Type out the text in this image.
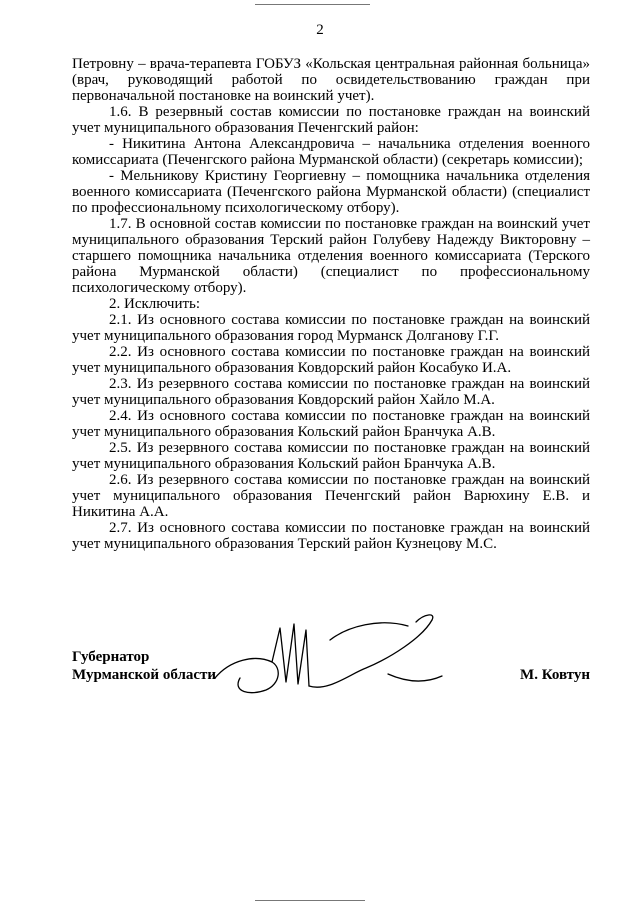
2

Петровну – врача-терапевта ГОБУЗ «Кольская центральная районная больница» (врач, руководящий работой по освидетельствованию граждан при первоначальной постановке на воинский учет).

1.6. В резервный состав комиссии по постановке граждан на воинский учет муниципального образования Печенгский район:

- Никитина Антона Александровича – начальника отделения военного комиссариата (Печенгского района Мурманской области) (секретарь комиссии);

- Мельникову Кристину Георгиевну – помощника начальника отделения военного комиссариата (Печенгского района Мурманской области) (специалист по профессиональному психологическому отбору).

1.7. В основной состав комиссии по постановке граждан на воинский учет муниципального образования Терский район Голубеву Надежду Викторовну – старшего помощника начальника отделения военного комиссариата (Терского района Мурманской области) (специалист по профессиональному психологическому отбору).

2. Исключить:

2.1. Из основного состава комиссии по постановке граждан на воинский учет муниципального образования город Мурманск Долганову Г.Г.

2.2. Из основного состава комиссии по постановке граждан на воинский учет муниципального образования Ковдорский район Косабуко И.А.

2.3. Из резервного состава комиссии по постановке граждан на воинский учет муниципального образования Ковдорский район Хайло М.А.

2.4. Из основного состава комиссии по постановке граждан на воинский учет муниципального образования Кольский район Бранчука А.В.

2.5. Из резервного состава комиссии по постановке граждан на воинский учет муниципального образования Кольский район Бранчука А.В.

2.6. Из резервного состава комиссии по постановке граждан на воинский учет муниципального образования Печенгский район Варюхину Е.В. и Никитина А.А.

2.7. Из основного состава комиссии по постановке граждан на воинский учет муниципального образования Терский район Кузнецову М.С.

Губернатор
Мурманской области	М. Ковтун
